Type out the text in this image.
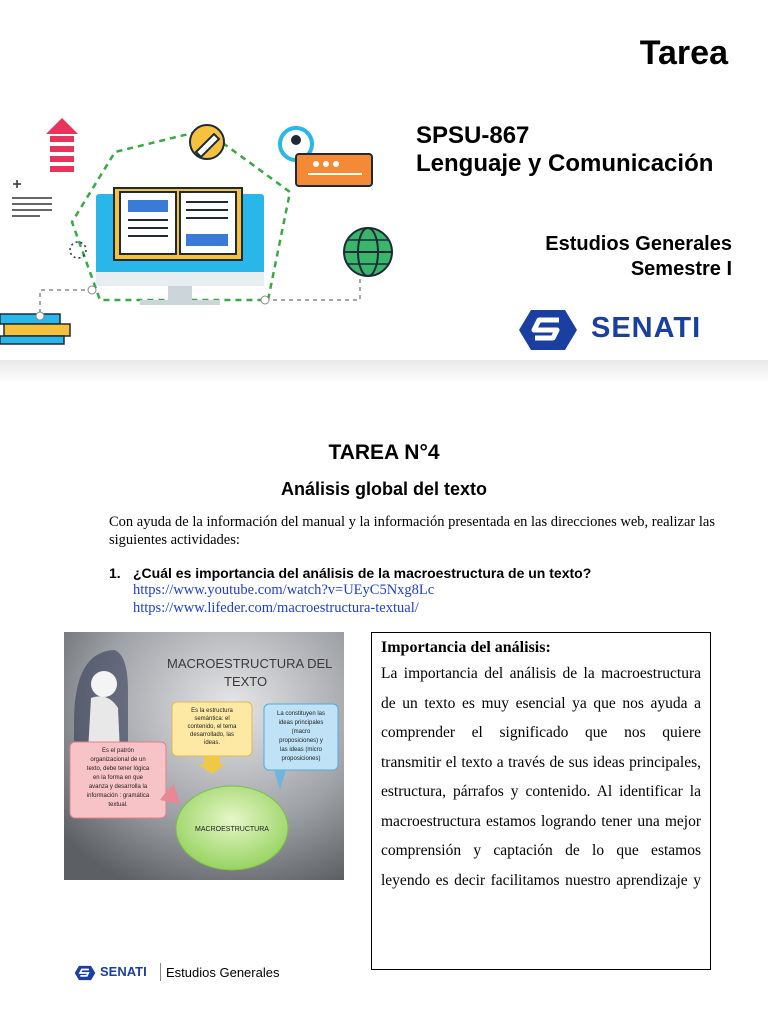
Tarea
SPSU-867
Lenguaje y Comunicación
Estudios Generales
Semestre I
SENATI
TAREA N°4
Análisis global del texto
Con ayuda de la información del manual y la información presentada en las direcciones web, realizar las siguientes actividades:
1. ¿Cuál es importancia del análisis de la macroestructura de un texto?
https://www.youtube.com/watch?v=UEyC5Nxg8Lc
https://www.lifeder.com/macroestructura-textual/
MACROESTRUCTURA DEL
TEXTO
Es la estructura
semántica: el
contenido, el tema
desarrollado, las
ideas.
La constituyen las
ideas principales
(macro
proposiciones) y
las ideas (micro
proposiciones)
Es el patrón
organizacional de un
texto, debe tener lógica
en la forma en que
avanza y desarrolla la
información : gramática
textual.
MACROESTRUCTURA
Importancia del análisis:
La importancia del análisis de la macroestructura de un texto es muy esencial ya que nos ayuda a comprender el significado que nos quiere transmitir el texto a través de sus ideas principales, estructura, párrafos y contenido. Al identificar la macroestructura estamos logrando tener una mejor comprensión y captación de lo que estamos leyendo es decir facilitamos nuestro aprendizaje y
SENATI Estudios Generales
